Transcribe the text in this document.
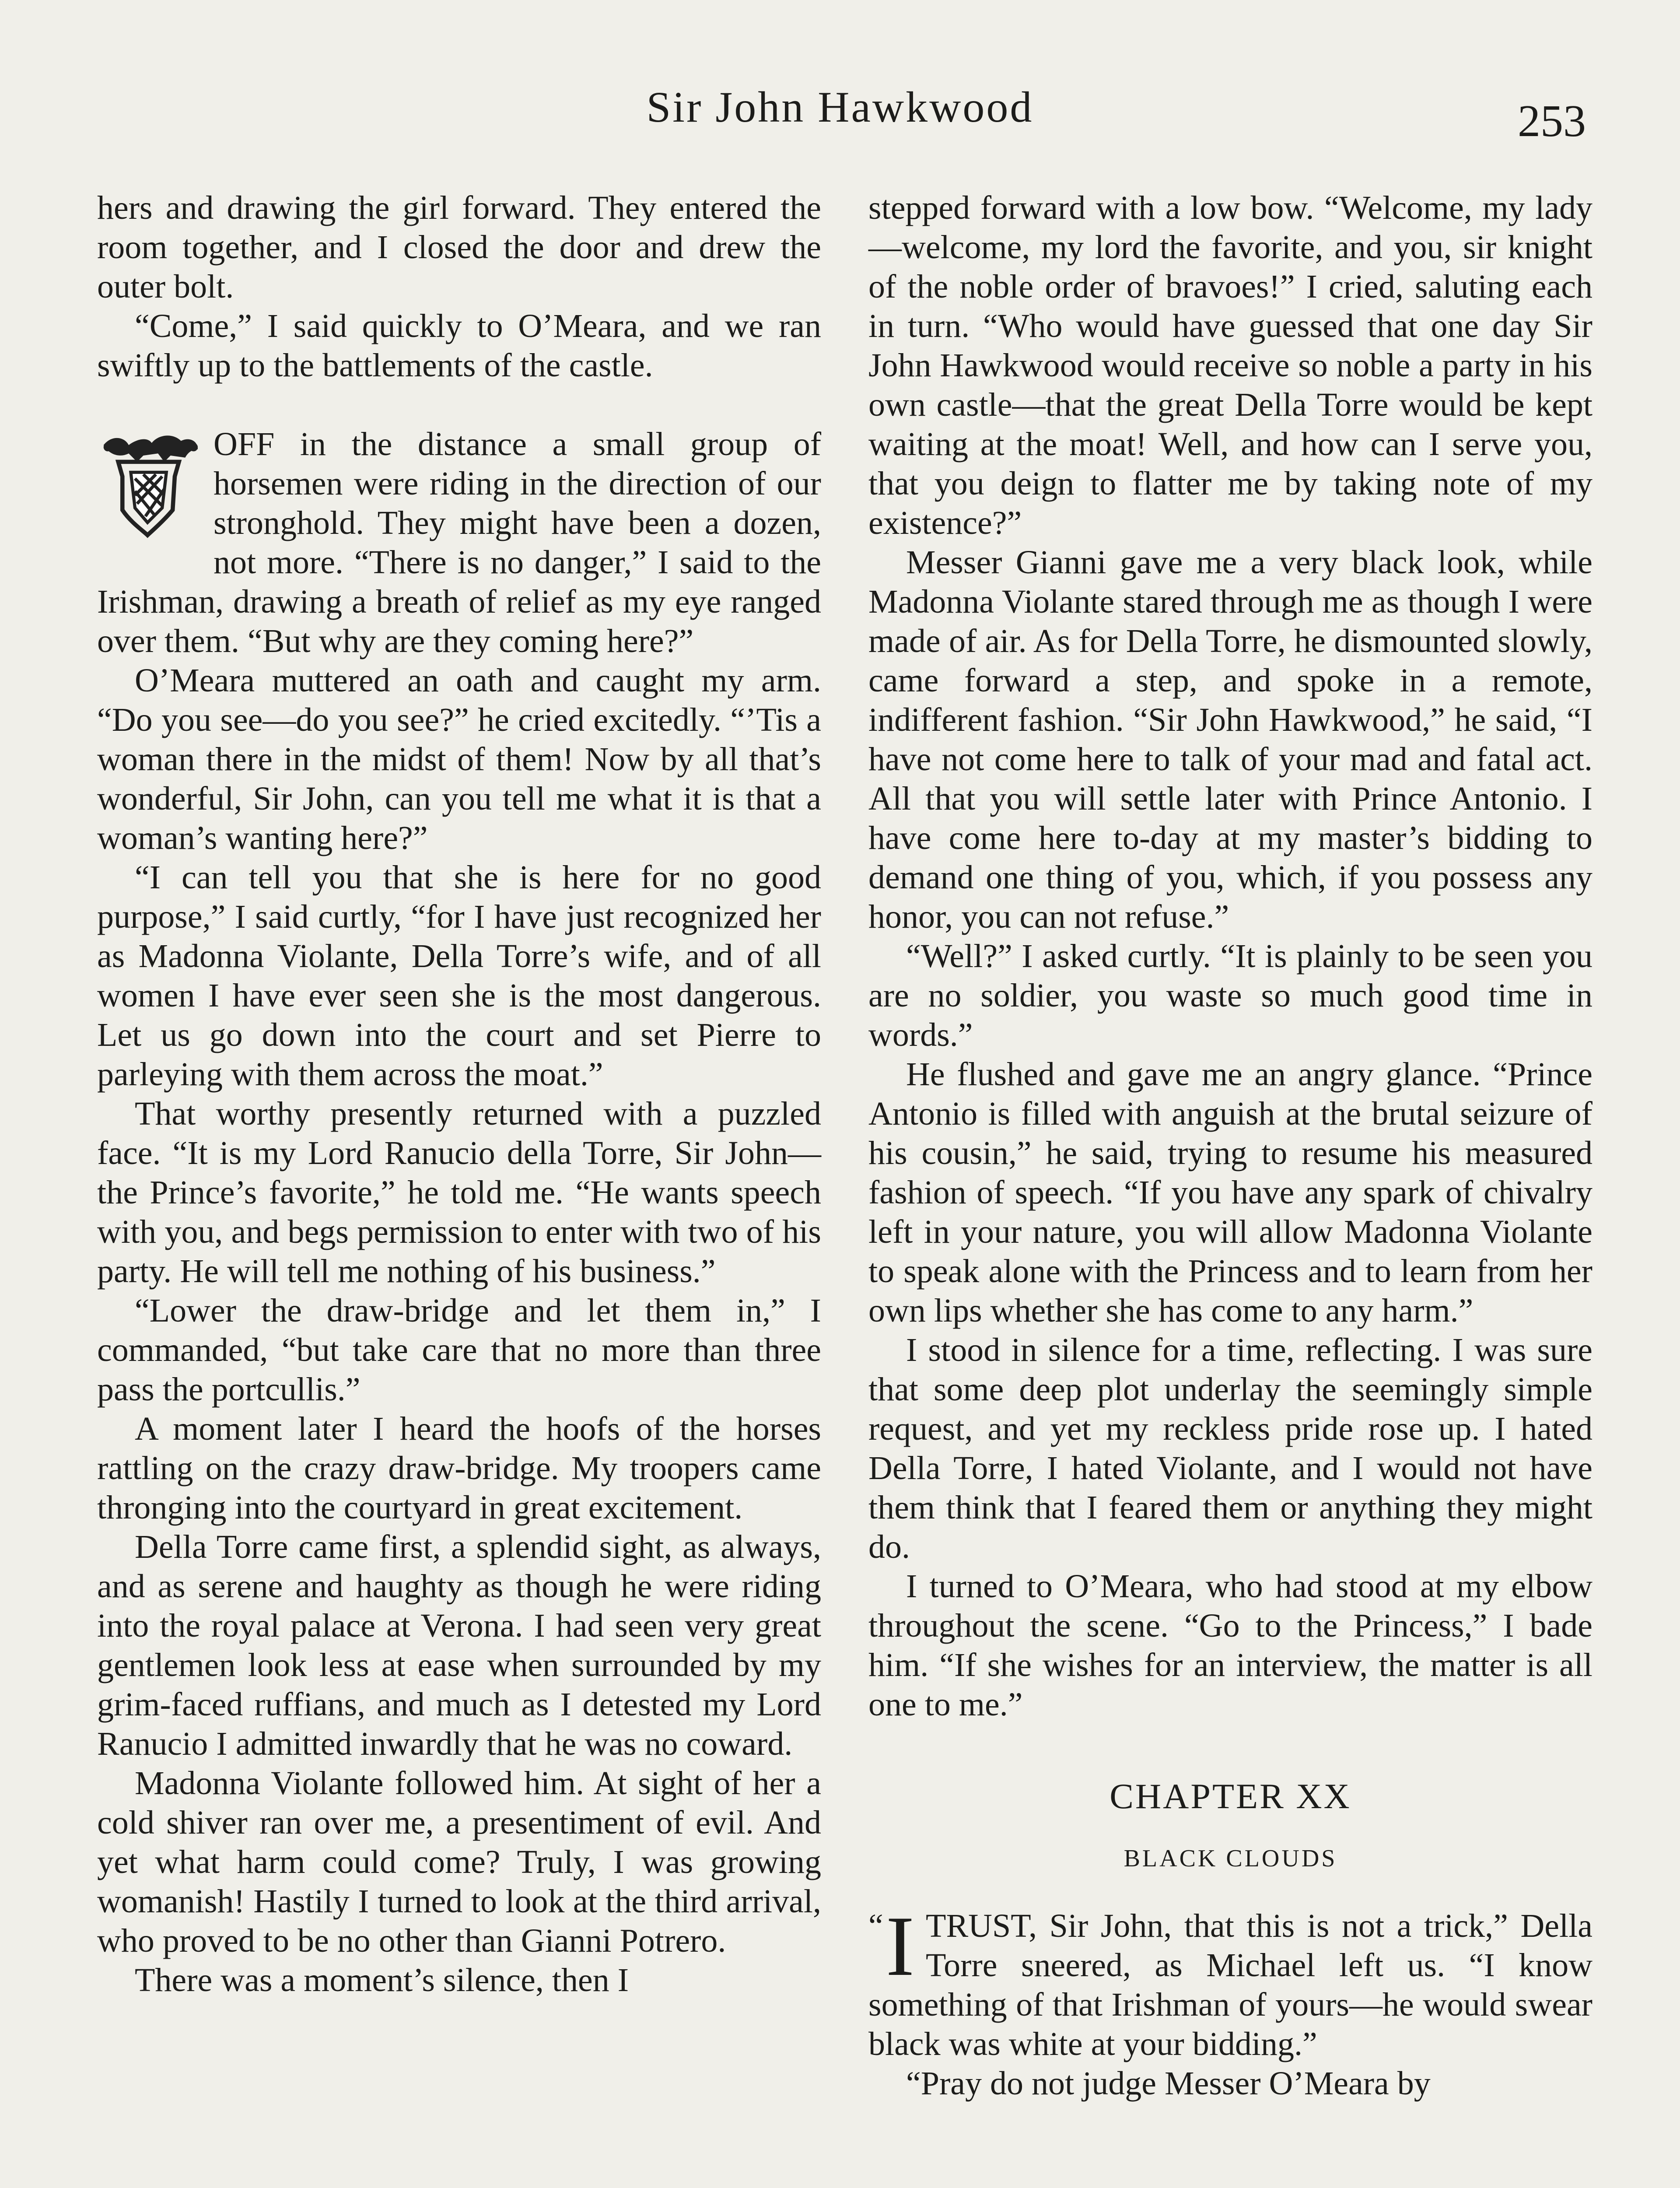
Sir John Hawkwood	253

hers and drawing the girl forward. They entered the room together, and I closed the door and drew the outer bolt.

“Come,” I said quickly to O’Meara, and we ran swiftly up to the battlements of the castle.

OFF in the distance a small group of horsemen were riding in the direction of our stronghold. They might have been a dozen, not more. “There is no danger,” I said to the Irishman, drawing a breath of relief as my eye ranged over them. “But why are they coming here?”

O’Meara muttered an oath and caught my arm. “Do you see—do you see?” he cried excitedly. “’Tis a woman there in the midst of them! Now by all that’s wonderful, Sir John, can you tell me what it is that a woman’s wanting here?”

“I can tell you that she is here for no good purpose,” I said curtly, “for I have just recognized her as Madonna Violante, Della Torre’s wife, and of all women I have ever seen she is the most dangerous. Let us go down into the court and set Pierre to parleying with them across the moat.”

That worthy presently returned with a puzzled face. “It is my Lord Ranucio della Torre, Sir John—the Prince’s favorite,” he told me. “He wants speech with you, and begs permission to enter with two of his party. He will tell me nothing of his business.”

“Lower the draw-bridge and let them in,” I commanded, “but take care that no more than three pass the portcullis.”

A moment later I heard the hoofs of the horses rattling on the crazy draw-bridge. My troopers came thronging into the courtyard in great excitement.

Della Torre came first, a splendid sight, as always, and as serene and haughty as though he were riding into the royal palace at Verona. I had seen very great gentlemen look less at ease when surrounded by my grim-faced ruffians, and much as I detested my Lord Ranucio I admitted inwardly that he was no coward.

Madonna Violante followed him. At sight of her a cold shiver ran over me, a presentiment of evil. And yet what harm could come? Truly, I was growing womanish! Hastily I turned to look at the third arrival, who proved to be no other than Gianni Potrero.

There was a moment’s silence, then I

stepped forward with a low bow. “Welcome, my lady—welcome, my lord the favorite, and you, sir knight of the noble order of bravoes!” I cried, saluting each in turn. “Who would have guessed that one day Sir John Hawkwood would receive so noble a party in his own castle—that the great Della Torre would be kept waiting at the moat! Well, and how can I serve you, that you deign to flatter me by taking note of my existence?”

Messer Gianni gave me a very black look, while Madonna Violante stared through me as though I were made of air. As for Della Torre, he dismounted slowly, came forward a step, and spoke in a remote, indifferent fashion. “Sir John Hawkwood,” he said, “I have not come here to talk of your mad and fatal act. All that you will settle later with Prince Antonio. I have come here to-day at my master’s bidding to demand one thing of you, which, if you possess any honor, you can not refuse.”

“Well?” I asked curtly. “It is plainly to be seen you are no soldier, you waste so much good time in words.”

He flushed and gave me an angry glance. “Prince Antonio is filled with anguish at the brutal seizure of his cousin,” he said, trying to resume his measured fashion of speech. “If you have any spark of chivalry left in your nature, you will allow Madonna Violante to speak alone with the Princess and to learn from her own lips whether she has come to any harm.”

I stood in silence for a time, reflecting. I was sure that some deep plot underlay the seemingly simple request, and yet my reckless pride rose up. I hated Della Torre, I hated Violante, and I would not have them think that I feared them or anything they might do.

I turned to O’Meara, who had stood at my elbow throughout the scene. “Go to the Princess,” I bade him. “If she wishes for an interview, the matter is all one to me.”

CHAPTER XX
BLACK CLOUDS

“ I TRUST, Sir John, that this is not a trick,” Della Torre sneered, as Michael left us. “I know something of that Irishman of yours—he would swear black was white at your bidding.”

“Pray do not judge Messer O’Meara by
